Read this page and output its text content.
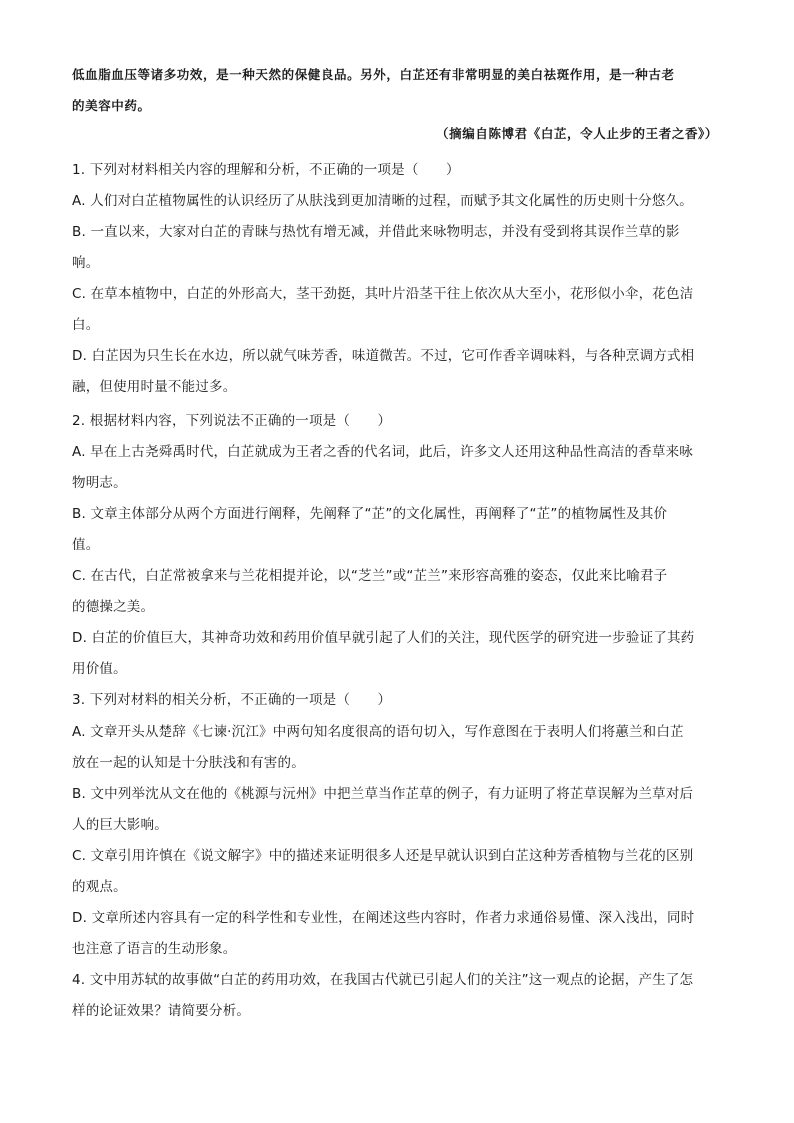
低血脂血压等诸多功效，是一种天然的保健良品。另外，白芷还有非常明显的美白祛斑作用，是一种古老

的美容中药。

（摘编自陈博君《白芷，令人止步的王者之香》）
1. 下列对材料相关内容的理解和分析，不正确的一项是（　　）
A. 人们对白芷植物属性的认识经历了从肤浅到更加清晰的过程，而赋予其文化属性的历史则十分悠久。
B. 一直以来，大家对白芷的青睐与热忱有增无减，并借此来咏物明志，并没有受到将其误作兰草的影
响。
C. 在草本植物中，白芷的外形高大，茎干劲挺，其叶片沿茎干往上依次从大至小，花形似小伞，花色洁
白。
D. 白芷因为只生长在水边，所以就气味芳香，味道微苦。不过，它可作香辛调味料，与各种烹调方式相
融，但使用时量不能过多。
2. 根据材料内容，下列说法不正确的一项是（　　）
A. 早在上古尧舜禹时代，白芷就成为王者之香的代名词，此后，许多文人还用这种品性高洁的香草来咏
物明志。
B. 文章主体部分从两个方面进行阐释，先阐释了“芷”的文化属性，再阐释了“芷”的植物属性及其价
值。
C. 在古代，白芷常被拿来与兰花相提并论，以“芝兰”或“芷兰”来形容高雅的姿态，仅此来比喻君子
的德操之美。
D. 白芷的价值巨大，其神奇功效和药用价值早就引起了人们的关注，现代医学的研究进一步验证了其药
用价值。
3. 下列对材料的相关分析，不正确的一项是（　　）
A. 文章开头从楚辞《七谏·沉江》中两句知名度很高的语句切入，写作意图在于表明人们将蕙兰和白芷
放在一起的认知是十分肤浅和有害的。
B. 文中列举沈从文在他的《桃源与沅州》中把兰草当作芷草的例子，有力证明了将芷草误解为兰草对后
人的巨大影响。
C. 文章引用许慎在《说文解字》中的描述来证明很多人还是早就认识到白芷这种芳香植物与兰花的区别
的观点。
D. 文章所述内容具有一定的科学性和专业性，在阐述这些内容时，作者力求通俗易懂、深入浅出，同时
也注意了语言的生动形象。
4. 文中用苏轼的故事做“白芷的药用功效，在我国古代就已引起人们的关注”这一观点的论据，产生了怎
样的论证效果？请简要分析。
